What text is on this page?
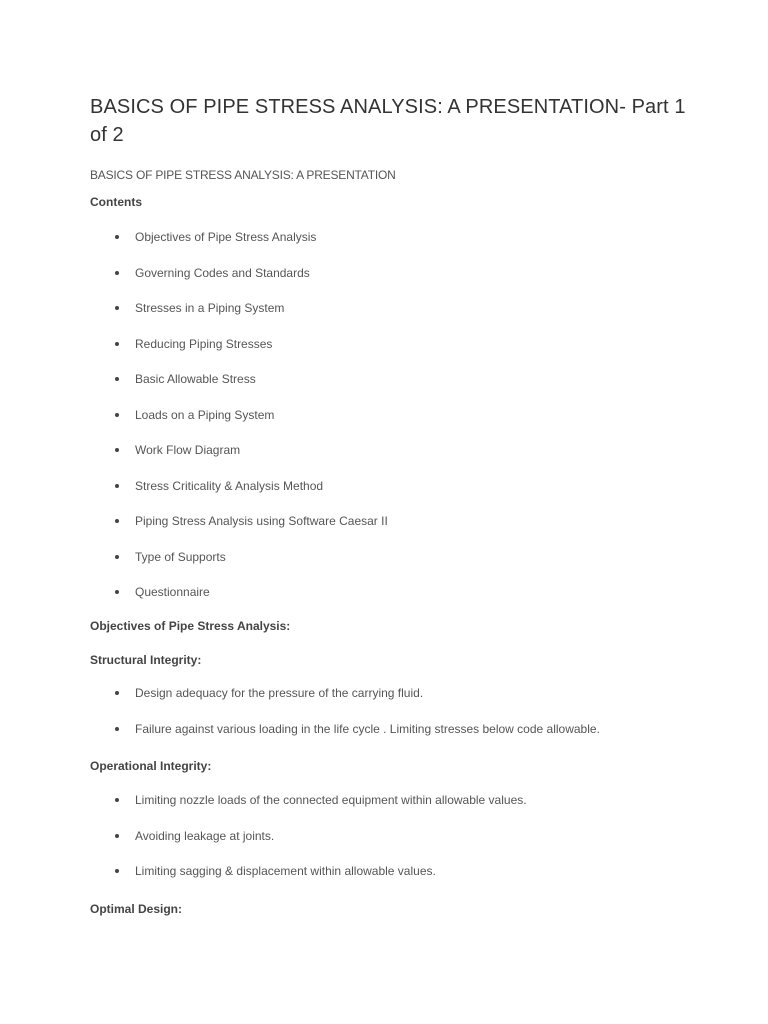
BASICS OF PIPE STRESS ANALYSIS: A PRESENTATION- Part 1 of 2
BASICS OF PIPE STRESS ANALYSIS: A PRESENTATION
Contents
Objectives of Pipe Stress Analysis
Governing Codes and Standards
Stresses in a Piping System
Reducing Piping Stresses
Basic Allowable Stress
Loads on a Piping System
Work Flow Diagram
Stress Criticality & Analysis Method
Piping Stress Analysis using Software Caesar II
Type of Supports
Questionnaire
Objectives of Pipe Stress Analysis:
Structural Integrity:
Design adequacy for the pressure of the carrying fluid.
Failure against various loading in the life cycle . Limiting stresses below code allowable.
Operational Integrity:
Limiting nozzle loads of the connected equipment within allowable values.
Avoiding leakage at joints.
Limiting sagging & displacement within allowable values.
Optimal Design:
